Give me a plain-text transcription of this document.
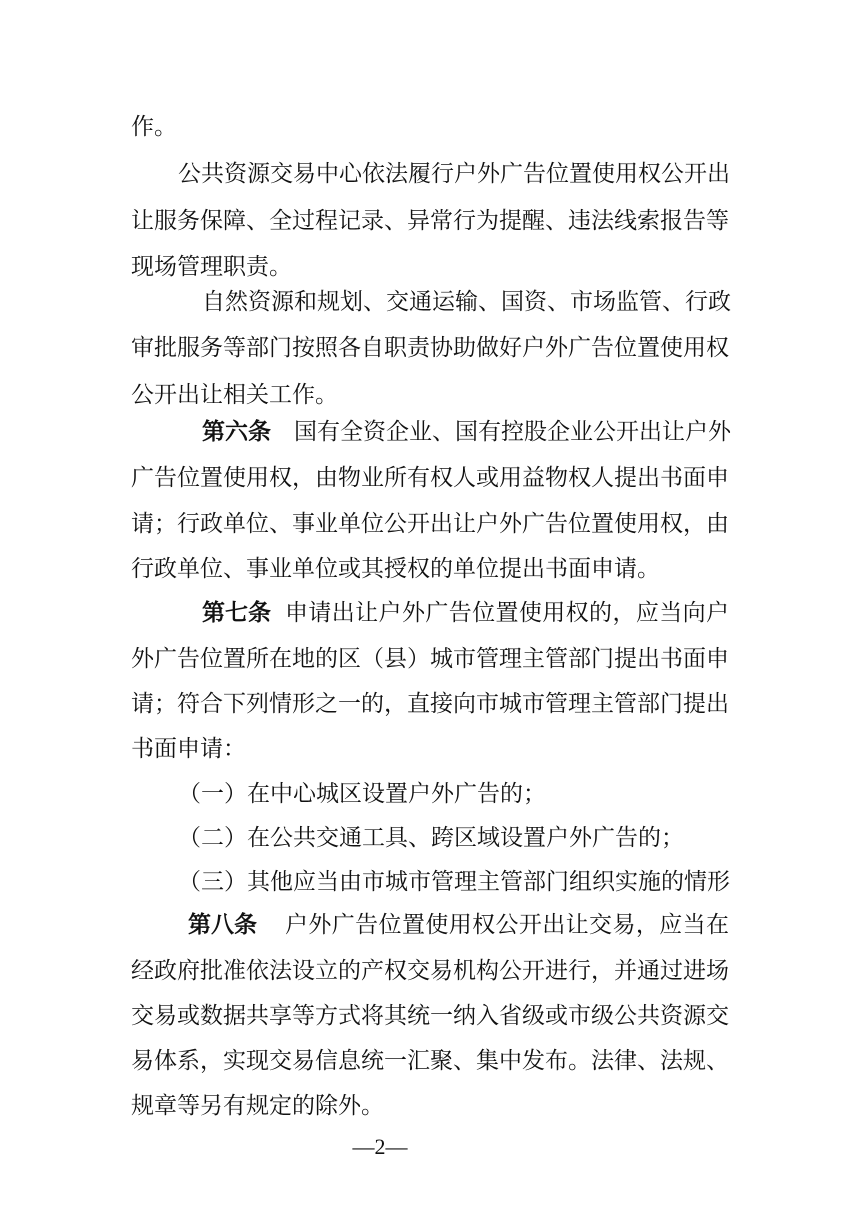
作。
公共资源交易中心依法履行户外广告位置使用权公开出
让服务保障、全过程记录、异常行为提醒、违法线索报告等
现场管理职责。
自然资源和规划、交通运输、国资、市场监管、行政
审批服务等部门按照各自职责协助做好户外广告位置使用权
公开出让相关工作。
第六条 国有全资企业、国有控股企业公开出让户外
广告位置使用权，由物业所有权人或用益物权人提出书面申
请；行政单位、事业单位公开出让户外广告位置使用权，由
行政单位、事业单位或其授权的单位提出书面申请。
第七条 申请出让户外广告位置使用权的，应当向户
外广告位置所在地的区（县）城市管理主管部门提出书面申
请；符合下列情形之一的，直接向市城市管理主管部门提出
书面申请：
（一）在中心城区设置户外广告的；
（二）在公共交通工具、跨区域设置户外广告的；
（三）其他应当由市城市管理主管部门组织实施的情形
第八条 户外广告位置使用权公开出让交易，应当在
经政府批准依法设立的产权交易机构公开进行，并通过进场
交易或数据共享等方式将其统一纳入省级或市级公共资源交
易体系，实现交易信息统一汇聚、集中发布。法律、法规、
规章等另有规定的除外。
—2—
